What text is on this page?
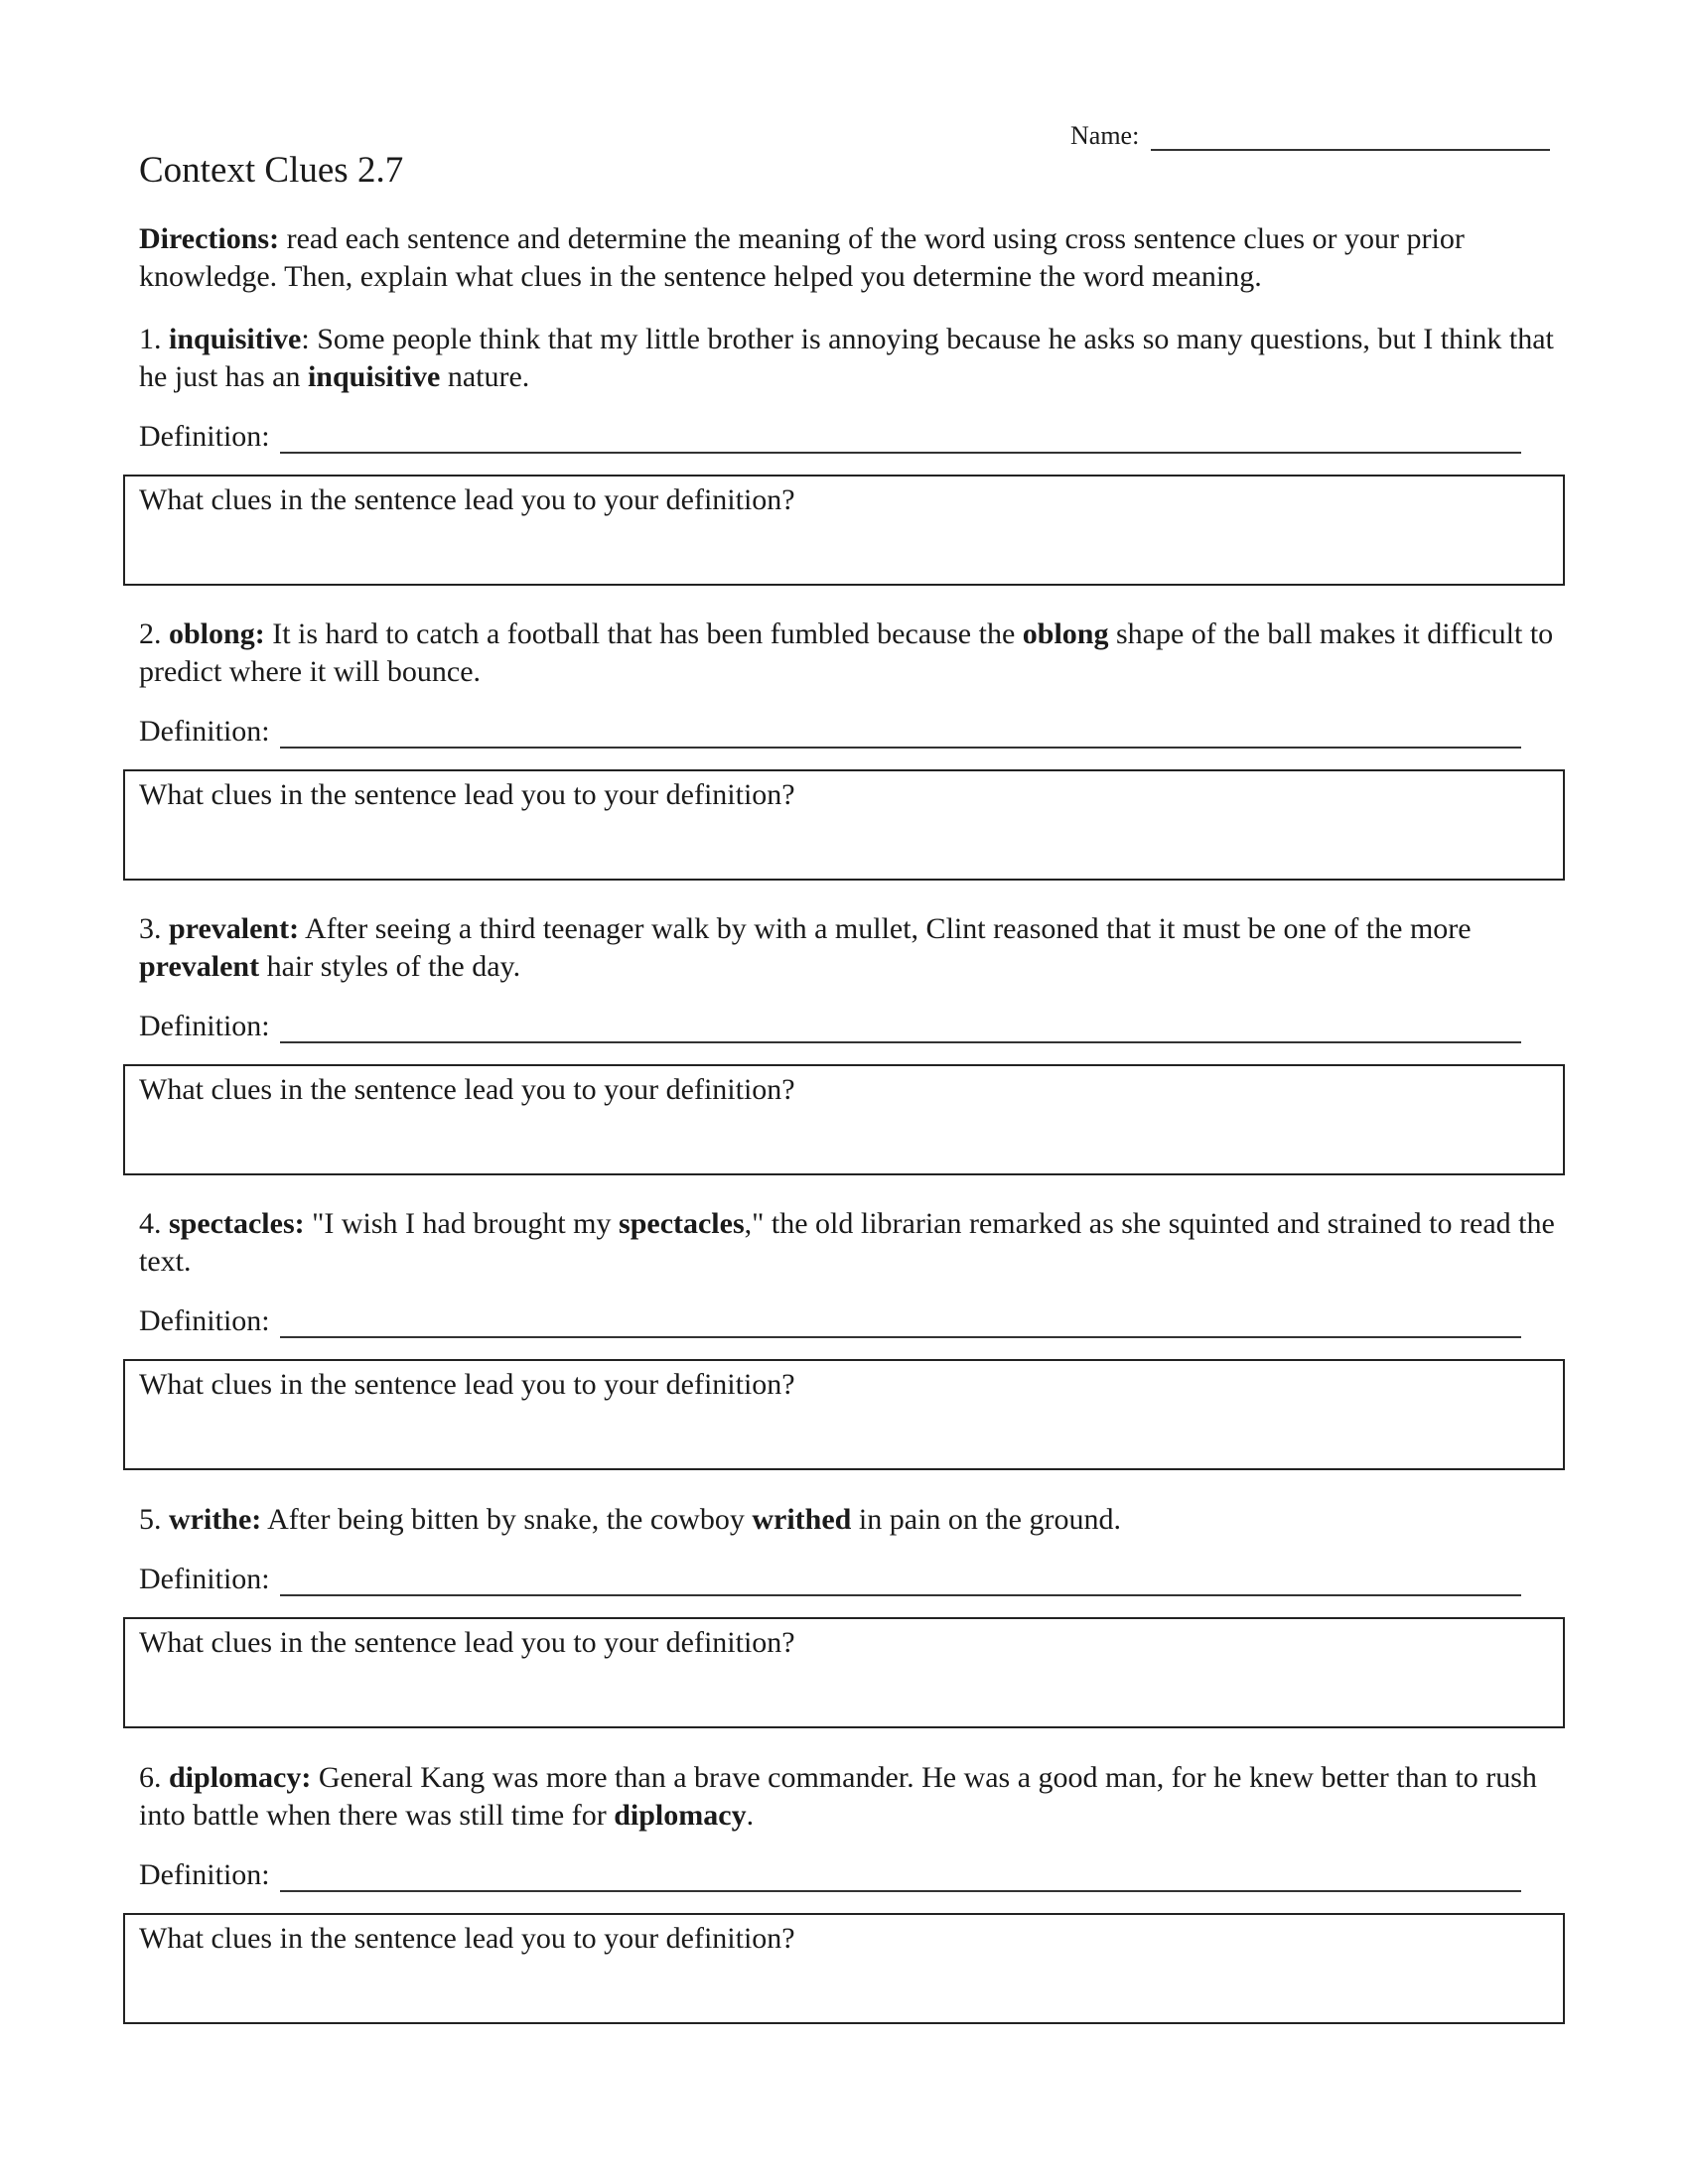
Name:
Context Clues 2.7

Directions: read each sentence and determine the meaning of the word using cross sentence clues or your prior knowledge. Then, explain what clues in the sentence helped you determine the word meaning.

1. inquisitive: Some people think that my little brother is annoying because he asks so many questions, but I think that he just has an inquisitive nature.

Definition:
What clues in the sentence lead you to your definition?

2. oblong: It is hard to catch a football that has been fumbled because the oblong shape of the ball makes it difficult to predict where it will bounce.

Definition:
What clues in the sentence lead you to your definition?

3. prevalent: After seeing a third teenager walk by with a mullet, Clint reasoned that it must be one of the more prevalent hair styles of the day.

Definition:
What clues in the sentence lead you to your definition?

4. spectacles: "I wish I had brought my spectacles," the old librarian remarked as she squinted and strained to read the text.

Definition:
What clues in the sentence lead you to your definition?

5. writhe: After being bitten by snake, the cowboy writhed in pain on the ground.

Definition:
What clues in the sentence lead you to your definition?

6. diplomacy: General Kang was more than a brave commander. He was a good man, for he knew better than to rush into battle when there was still time for diplomacy.

Definition:
What clues in the sentence lead you to your definition?
